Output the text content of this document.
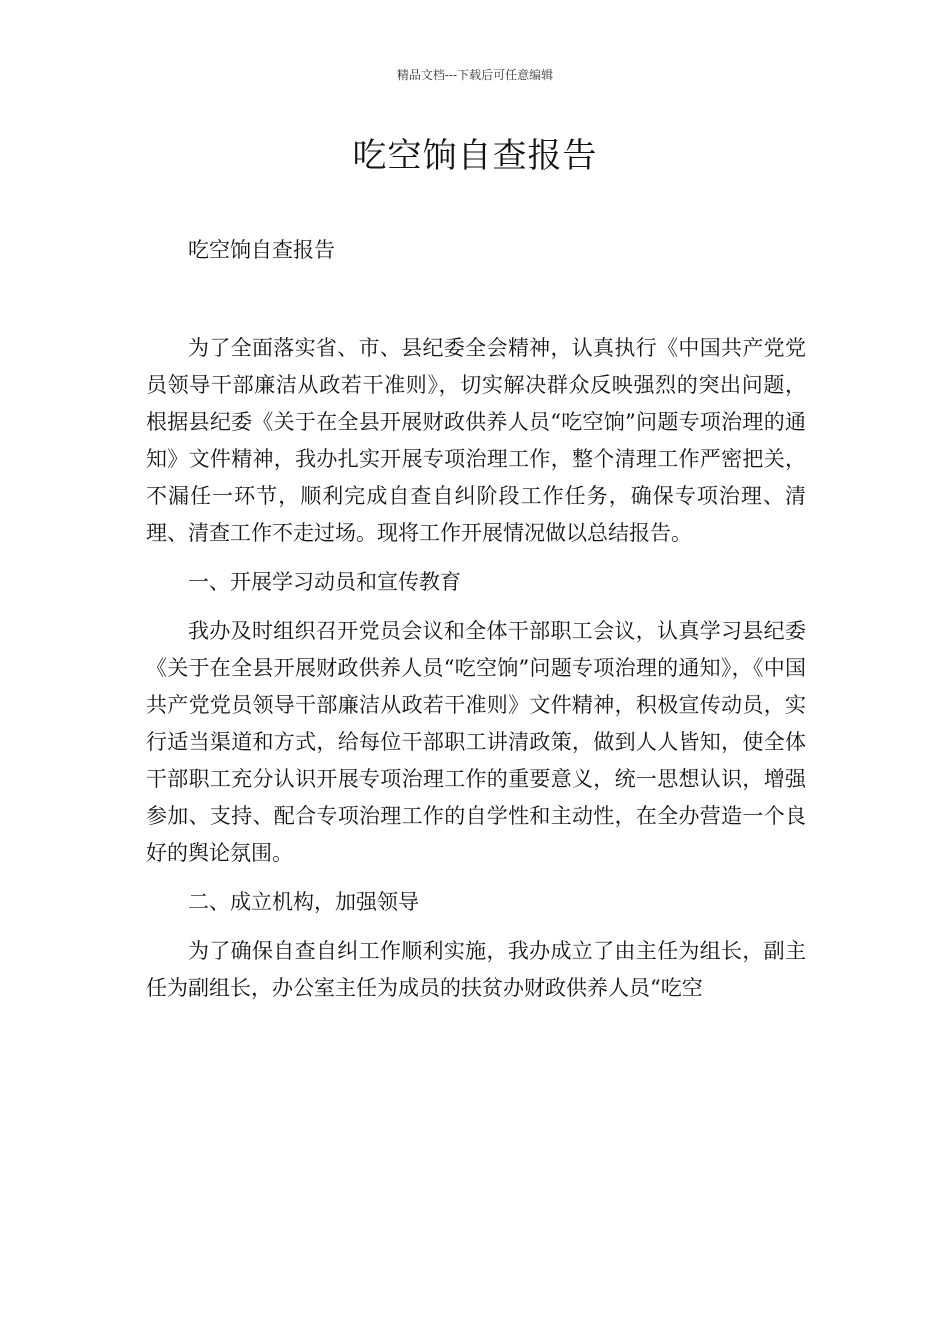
精品文档---下载后可任意编辑
吃空饷自查报告

吃空饷自查报告

为了全面落实省、市、县纪委全会精神，认真执行《中国共产党党员领导干部廉洁从政若干准则》，切实解决群众反映强烈的突出问题，根据县纪委《关于在全县开展财政供养人员“吃空饷”问题专项治理的通知》文件精神，我办扎实开展专项治理工作，整个清理工作严密把关，不漏任一环节，顺利完成自查自纠阶段工作任务，确保专项治理、清理、清查工作不走过场。现将工作开展情况做以总结报告。

一、开展学习动员和宣传教育

我办及时组织召开党员会议和全体干部职工会议，认真学习县纪委《关于在全县开展财政供养人员“吃空饷”问题专项治理的通知》，《中国共产党党员领导干部廉洁从政若干准则》文件精神，积极宣传动员，实行适当渠道和方式，给每位干部职工讲清政策，做到人人皆知，使全体干部职工充分认识开展专项治理工作的重要意义，统一思想认识，增强参加、支持、配合专项治理工作的自学性和主动性，在全办营造一个良好的舆论氛围。

二、成立机构，加强领导

为了确保自查自纠工作顺利实施，我办成立了由主任为组长，副主任为副组长，办公室主任为成员的扶贫办财政供养人员“吃空
